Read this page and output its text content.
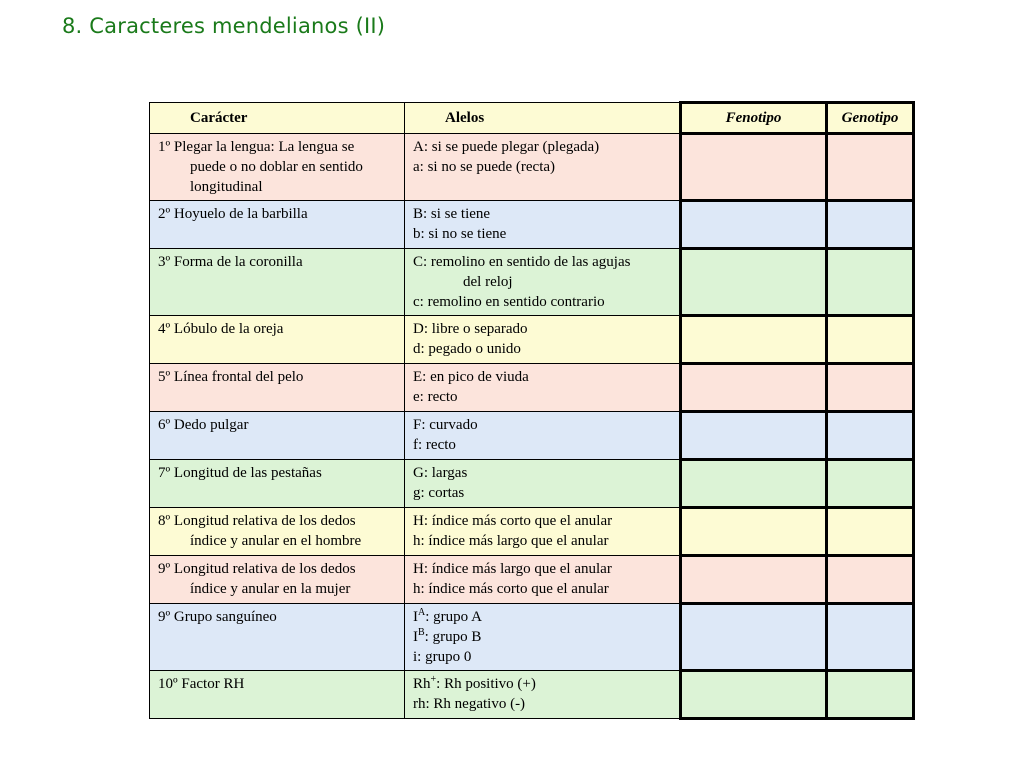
8. Caracteres mendelianos (II)
Carácter	Alelos	Fenotipo	Genotipo

1º Plegar la lengua: La lengua se
puede o no doblar en sentido
longitudinal	A: si se puede plegar (plegada)
a: si no se puede (recta)		

2º Hoyuelo de la barbilla	B: si se tiene
b: si no se tiene		

3º Forma de la coronilla	C: remolino en sentido de las agujas
del reloj
c: remolino en sentido contrario		

4º Lóbulo de la oreja	D: libre o separado
d: pegado o unido		

5º Línea frontal del pelo	E: en pico de viuda
e: recto		

6º Dedo pulgar	F: curvado
f: recto		

7º Longitud de las pestañas	G: largas
g: cortas		

8º Longitud relativa de los dedos
índice y anular en el hombre	H: índice más corto que el anular
h: índice más largo que el anular		

9º Longitud relativa de los dedos
índice y anular en la mujer	H: índice más largo que el anular
h: índice más corto que el anular		

9º Grupo sanguíneo	$I^A$: grupo A
$I^B$: grupo B
i: grupo 0		

10º Factor RH	Rh+: Rh positivo (+)
rh: Rh negativo (-)		
